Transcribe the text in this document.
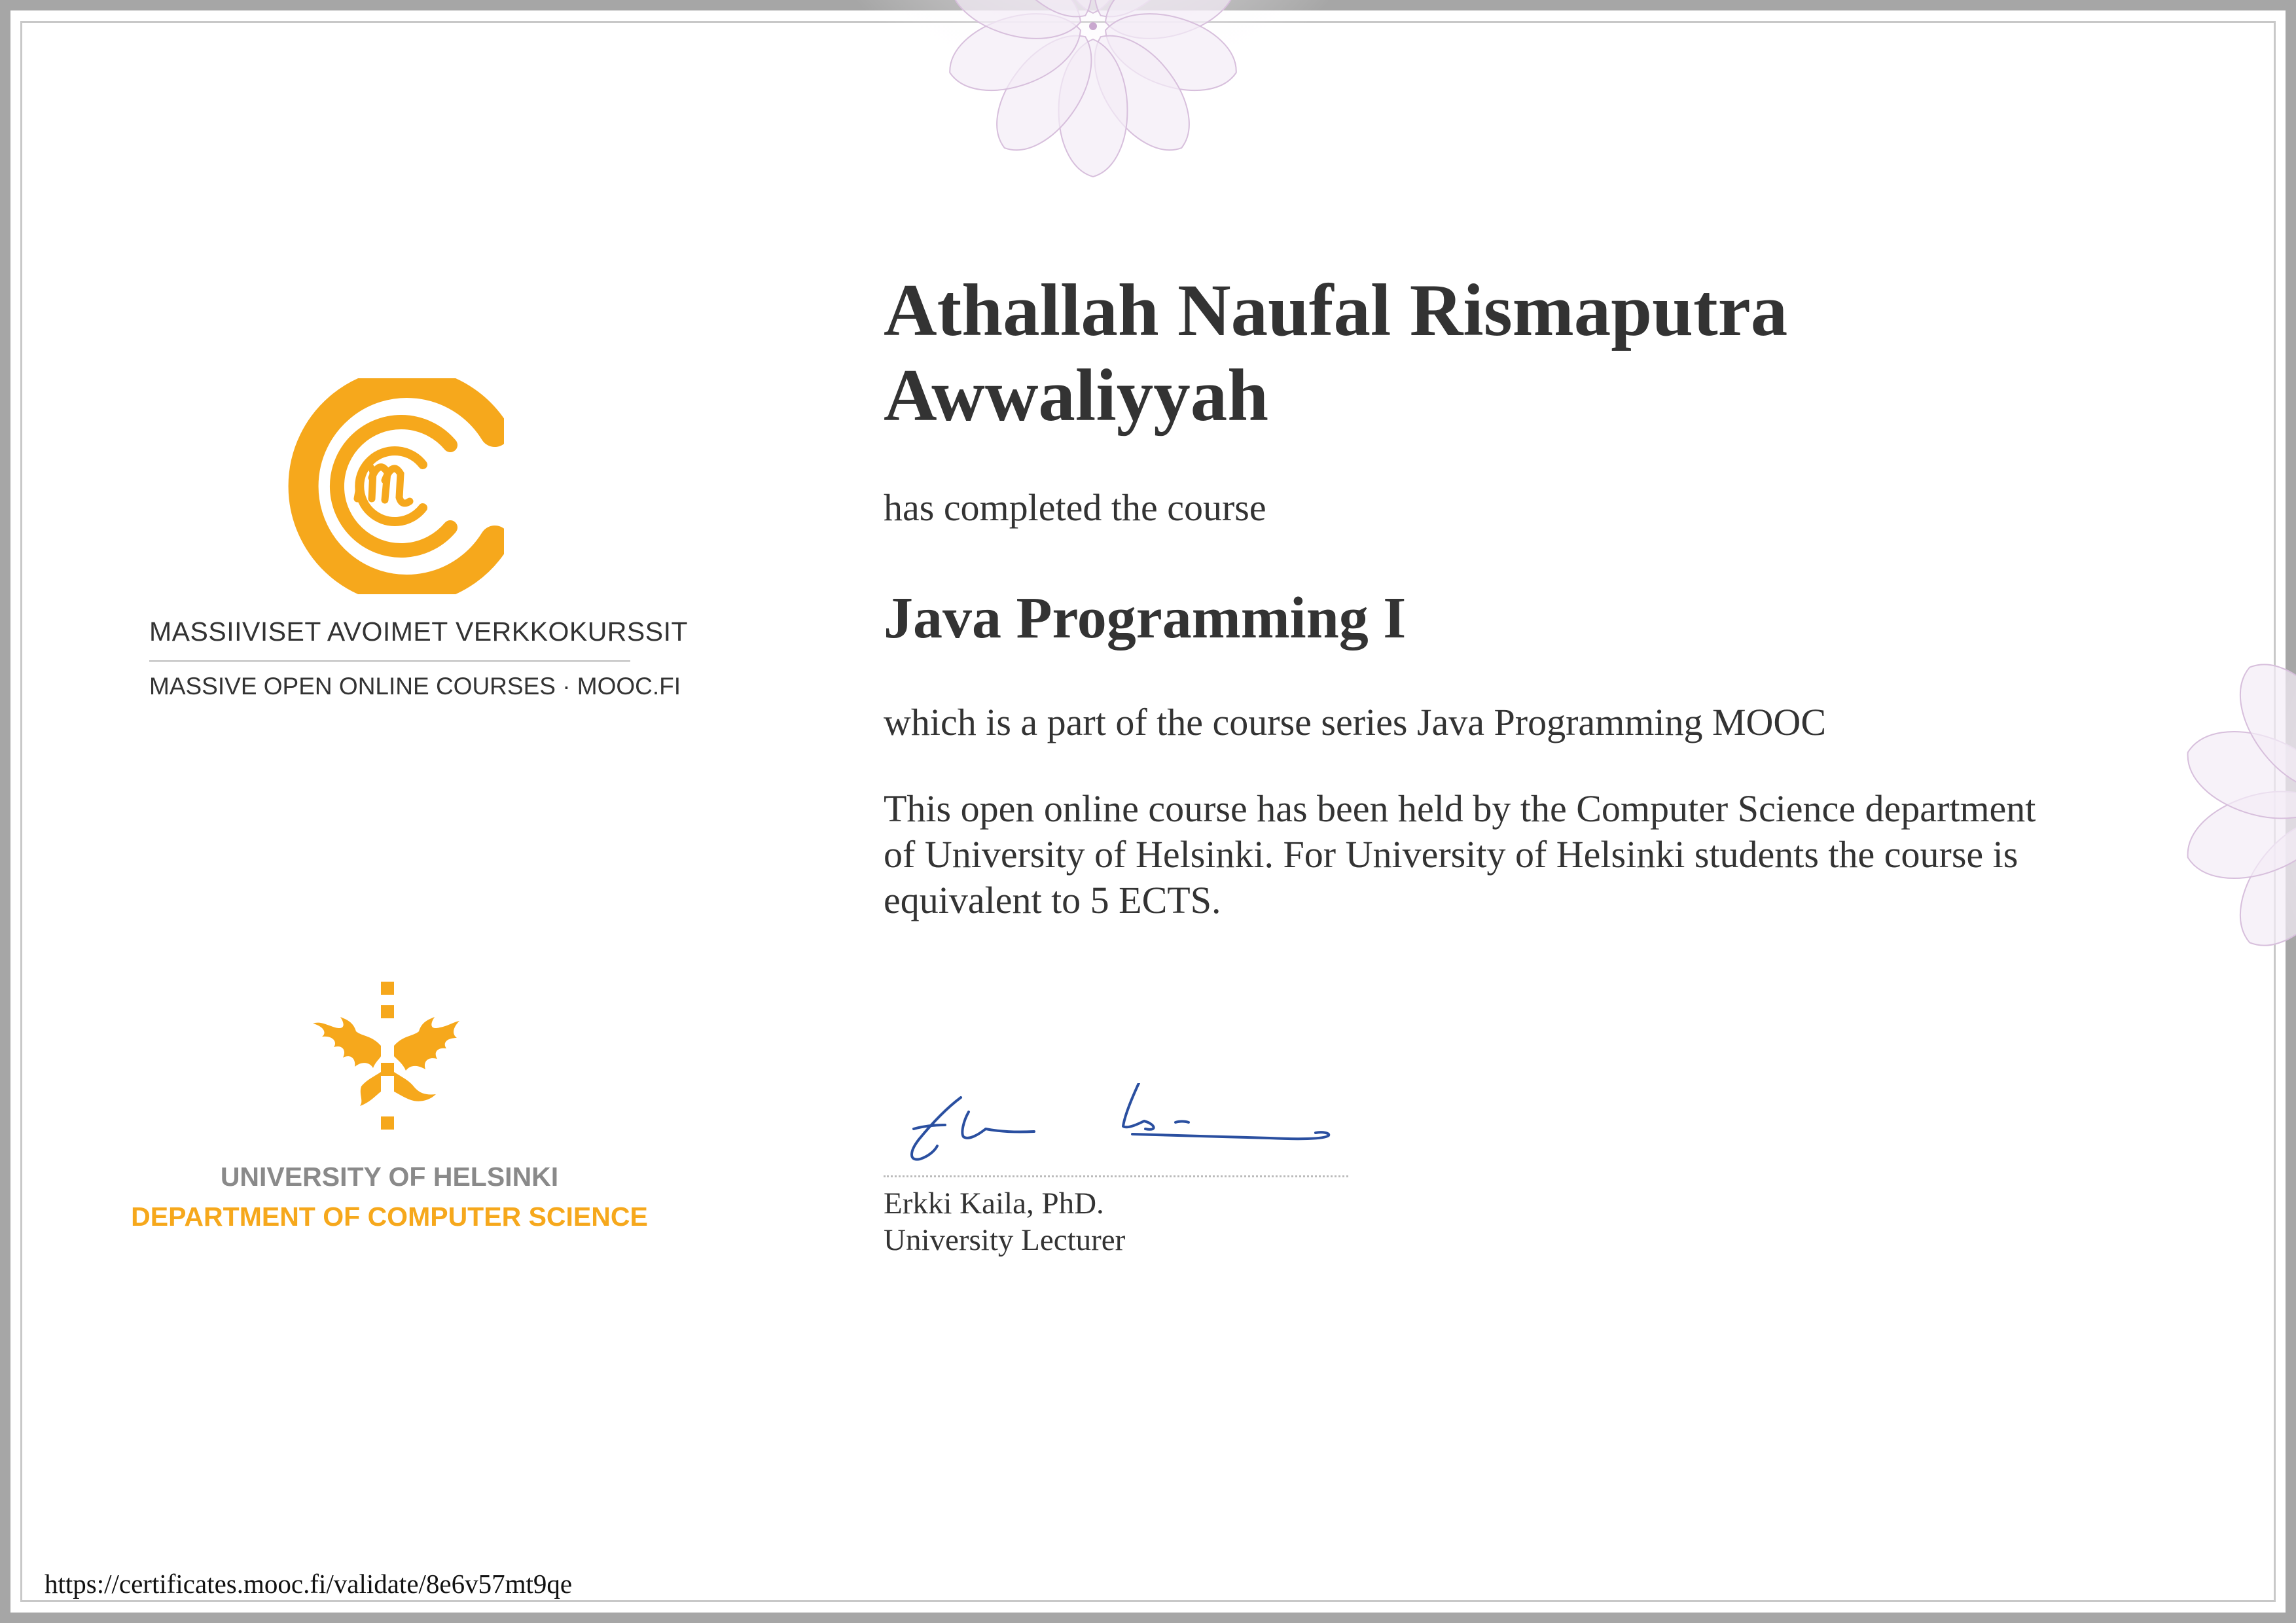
MASSIIVISET AVOIMET VERKKOKURSSIT
MASSIVE OPEN ONLINE COURSES · MOOC.FI
UNIVERSITY OF HELSINKI
DEPARTMENT OF COMPUTER SCIENCE
Athallah Naufal Rismaputra Awwaliyyah
has completed the course
Java Programming I
which is a part of the course series Java Programming MOOC

This open online course has been held by the Computer Science department of University of Helsinki. For University of Helsinki students the course is equivalent to 5 ECTS.

Erkki Kaila, PhD.
University Lecturer
https://certificates.mooc.fi/validate/8e6v57mt9qe
